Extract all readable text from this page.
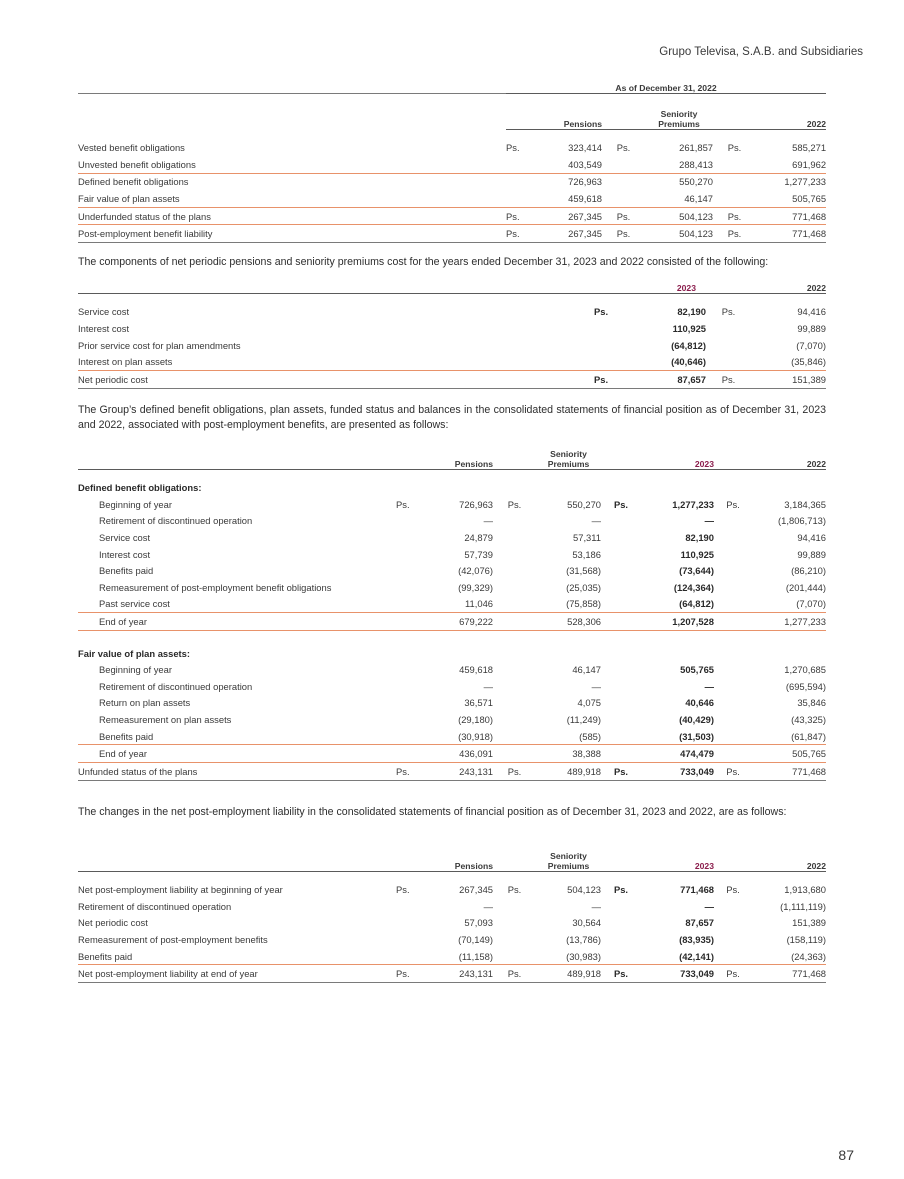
Grupo Televisa, S.A.B. and Subsidiaries
	As of December 31, 2022					
		Pensions		Seniority
Premiums		2022

Vested benefit obligations	Ps.	323,414	Ps.	261,857	Ps.	585,271
Unvested benefit obligations		403,549		288,413		691,962
Defined benefit obligations		726,963		550,270		1,277,233
Fair value of plan assets		459,618		46,147		505,765
Underfunded status of the plans	Ps.	267,345	Ps.	504,123	Ps.	771,468
Post-employment benefit liability	Ps.	267,345	Ps.	504,123	Ps.	771,468
The components of net periodic pensions and seniority premiums cost for the years ended December 31, 2023 and 2022 consisted of the following:
		2023		2022

Service cost	Ps.	82,190	Ps.	94,416
Interest cost		110,925		99,889
Prior service cost for plan amendments		(64,812)		(7,070)
Interest on plan assets		(40,646)		(35,846)
Net periodic cost	Ps.	87,657	Ps.	151,389
The Group’s defined benefit obligations, plan assets, funded status and balances in the consolidated statements of financial position as of December 31, 2023 and 2022, associated with post-employment benefits, are presented as follows:
		Pensions		Seniority
Premiums		2023		2022

Defined benefit obligations:								
Beginning of year	Ps.	726,963	Ps.	550,270	Ps.	1,277,233	Ps.	3,184,365
Retirement of discontinued operation		—		—		—		(1,806,713)
Service cost		24,879		57,311		82,190		94,416
Interest cost		57,739		53,186		110,925		99,889
Benefits paid		(42,076)		(31,568)		(73,644)		(86,210)
Remeasurement of post-employment benefit obligations		(99,329)		(25,035)		(124,364)		(201,444)
Past service cost		11,046		(75,858)		(64,812)		(7,070)
End of year		679,222		528,306		1,207,528		1,277,233

Fair value of plan assets:								
Beginning of year		459,618		46,147		505,765		1,270,685
Retirement of discontinued operation		—		—		—		(695,594)
Return on plan assets		36,571		4,075		40,646		35,846
Remeasurement on plan assets		(29,180)		(11,249)		(40,429)		(43,325)
Benefits paid		(30,918)		(585)		(31,503)		(61,847)
End of year		436,091		38,388		474,479		505,765
Unfunded status of the plans	Ps.	243,131	Ps.	489,918	Ps.	733,049	Ps.	771,468
The changes in the net post-employment liability in the consolidated statements of financial position as of December 31, 2023 and 2022, are as follows:
		Pensions		Seniority
Premiums		2023		2022

Net post-employment liability at beginning of year	Ps.	267,345	Ps.	504,123	Ps.	771,468	Ps.	1,913,680
Retirement of discontinued operation		—		—		—		(1,111,119)
Net periodic cost		57,093		30,564		87,657		151,389
Remeasurement of post-employment benefits		(70,149)		(13,786)		(83,935)		(158,119)
Benefits paid		(11,158)		(30,983)		(42,141)		(24,363)
Net post-employment liability at end of year	Ps.	243,131	Ps.	489,918	Ps.	733,049	Ps.	771,468
87
